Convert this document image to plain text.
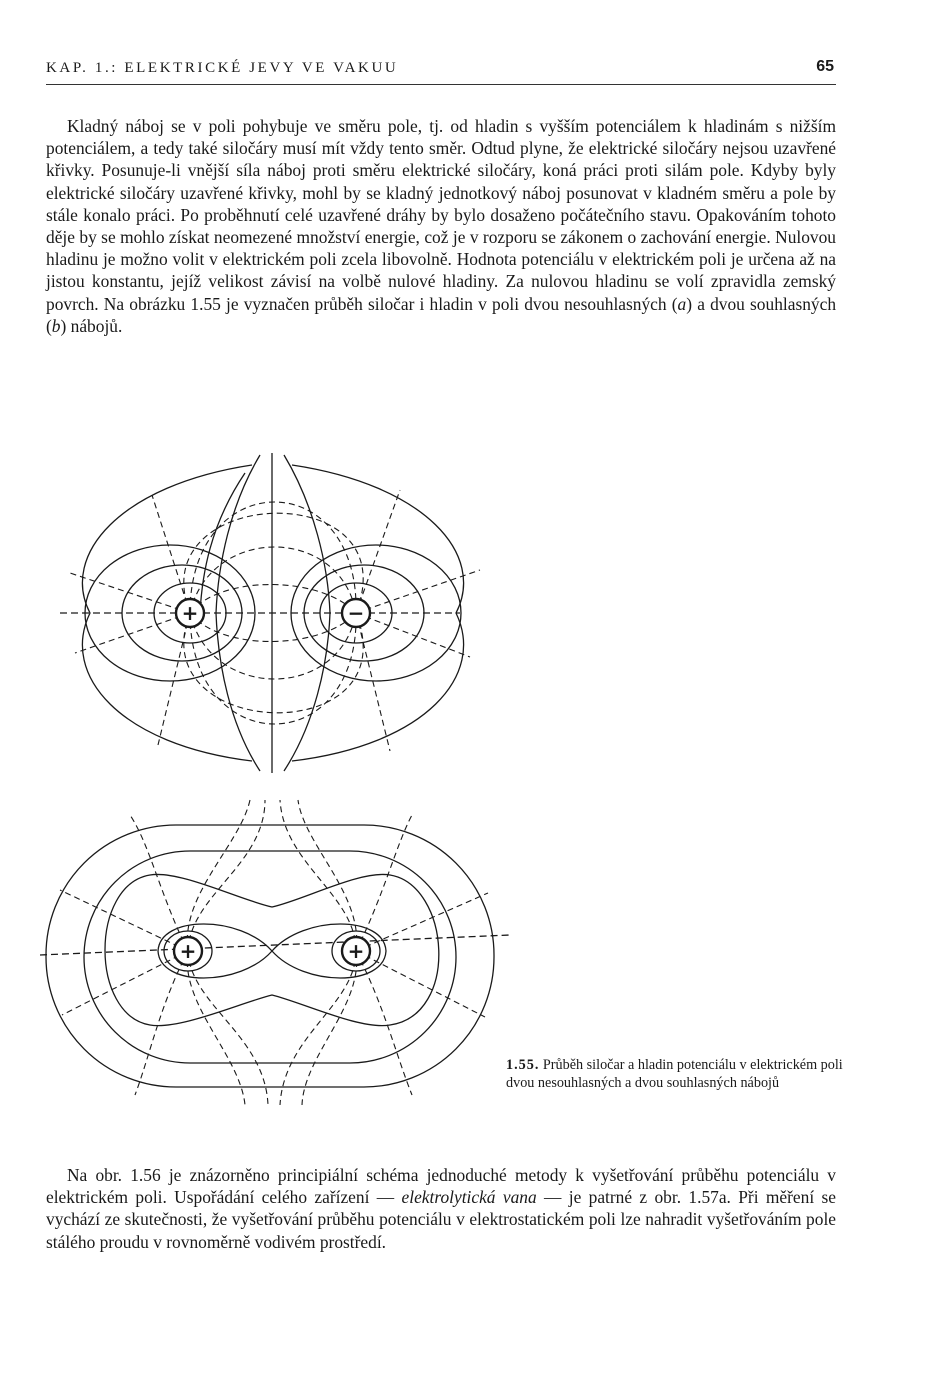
KAP. 1.: ELEKTRICKÉ JEVY VE VAKUU	65

Kladný náboj se v poli pohybuje ve směru pole, tj. od hladin s vyšším potenciálem k hladinám s nižším potenciálem, a tedy také siločáry musí mít vždy tento směr. Odtud plyne, že elektrické siločáry nejsou uzavřené křivky. Posunuje-li vnější síla náboj proti směru elektrické siločáry, koná práci proti silám pole. Kdyby byly elektrické siločáry uzavřené křivky, mohl by se kladný jednotkový náboj posunovat v kladném směru a pole by stále konalo práci. Po proběhnutí celé uzavřené dráhy by bylo dosaženo počátečního stavu. Opakováním tohoto děje by se mohlo získat neomezené množství energie, což je v rozporu se zákonem o zachování energie. Nulovou hladinu je možno volit v elektrickém poli zcela libovolně. Hodnota potenciálu v elektrickém poli je určena až na jistou konstantu, jejíž velikost závisí na volbě nulové hladiny. Za nulovou hladinu se volí zpravidla zemský povrch. Na obrázku 1.55 je vyznačen průběh siločar i hladin v poli dvou nesouhlasných (a) a dvou souhlasných (b) nábojů.

+	−
+	+
1.55. Průběh siločar a hladin potenciálu v elektrickém poli dvou nesouhlasných a dvou souhlasných nábojů

Na obr. 1.56 je znázorněno principiální schéma jednoduché metody k vyšetřování průběhu potenciálu v elektrickém poli. Uspořádání celého zařízení — elektrolytická vana — je patrné z obr. 1.57a. Při měření se vychází ze skutečnosti, že vyšetřování průběhu potenciálu v elektrostatickém poli lze nahradit vyšetřováním pole stálého proudu v rovnoměrně vodivém prostředí.
